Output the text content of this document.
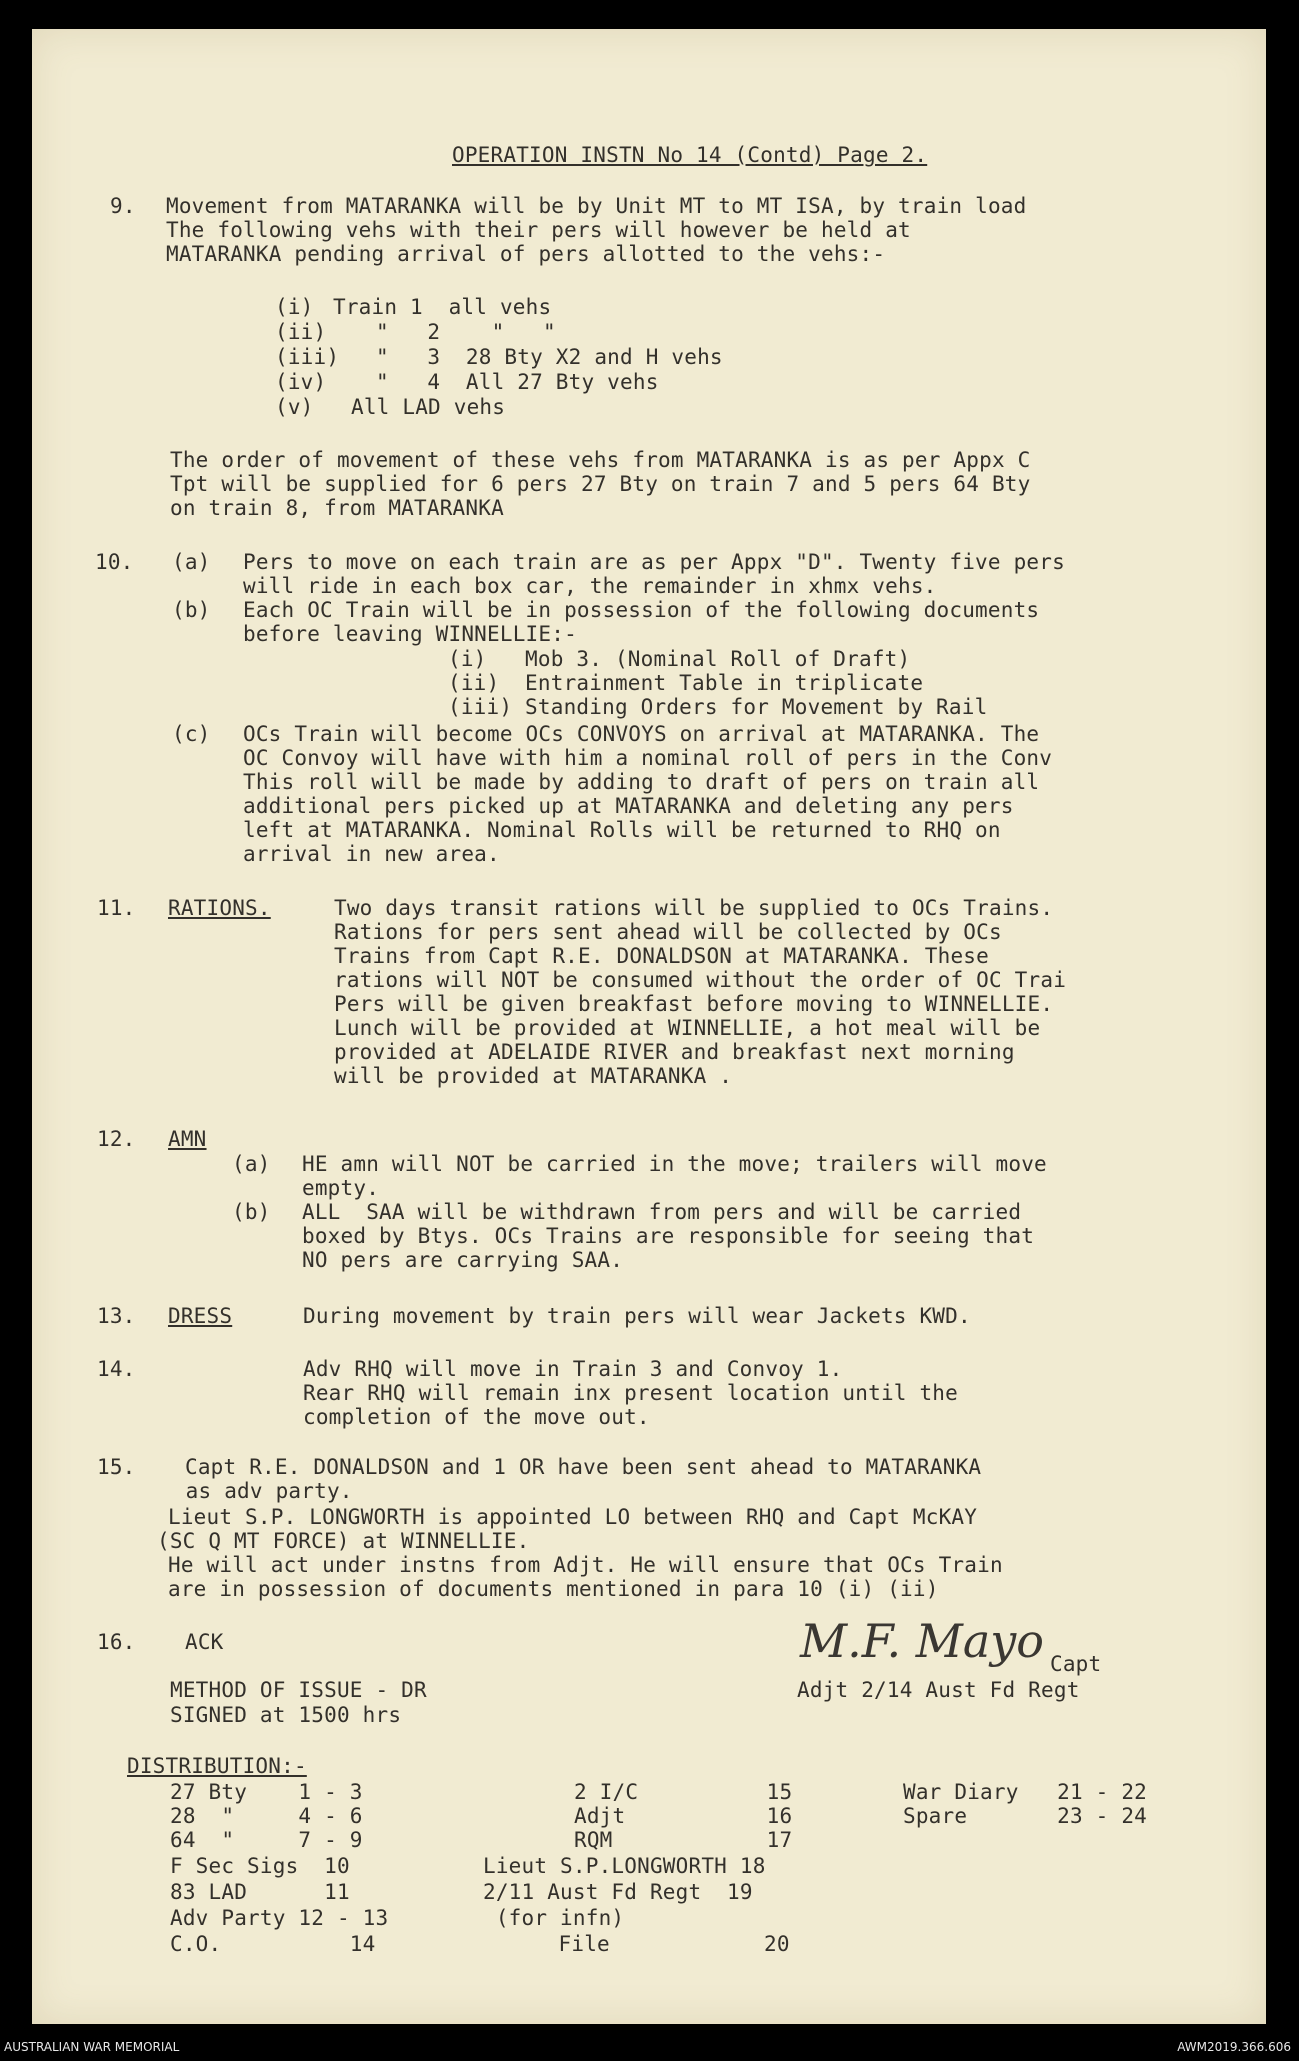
OPERATION INSTN No 14 (Contd) Page 2.
9. Movement from MATARANKA will be by Unit MT to MT ISA, by train load
The following vehs with their pers will however be held at
MATARANKA pending arrival of pers allotted to the vehs:-
(i) Train 1  all vehs
(ii) "   2    "   "
(iii) "   3  28 Bty X2 and H vehs
(iv) "   4  All 27 Bty vehs
(v) All LAD vehs
The order of movement of these vehs from MATARANKA is as per Appx C
Tpt will be supplied for 6 pers 27 Bty on train 7 and 5 pers 64 Bty
on train 8, from MATARANKA
10. (a) Pers to move on each train are as per Appx "D". Twenty five pers
will ride in each box car, the remainder in xhmx vehs.
(b) Each OC Train will be in possession of the following documents
before leaving WINNELLIE:-
(i)   Mob 3. (Nominal Roll of Draft)
(ii)  Entrainment Table in triplicate
(iii) Standing Orders for Movement by Rail
(c) OCs Train will become OCs CONVOYS on arrival at MATARANKA. The
OC Convoy will have with him a nominal roll of pers in the Conv
This roll will be made by adding to draft of pers on train all
additional pers picked up at MATARANKA and deleting any pers
left at MATARANKA. Nominal Rolls will be returned to RHQ on
arrival in new area.
11. RATIONS.	Two days transit rations will be supplied to OCs Trains.
Rations for pers sent ahead will be collected by OCs
Trains from Capt R.E. DONALDSON at MATARANKA. These
rations will NOT be consumed without the order of OC Trai
Pers will be given breakfast before moving to WINNELLIE.
Lunch will be provided at WINNELLIE, a hot meal will be
provided at ADELAIDE RIVER and breakfast next morning
will be provided at MATARANKA .
12. AMN
(a) HE amn will NOT be carried in the move; trailers will move
empty.
(b) ALL  SAA will be withdrawn from pers and will be carried
boxed by Btys. OCs Trains are responsible for seeing that
NO pers are carrying SAA.
13. DRESS	During movement by train pers will wear Jackets KWD.
14.	Adv RHQ will move in Train 3 and Convoy 1.
Rear RHQ will remain inx present location until the
completion of the move out.
15. Capt R.E. DONALDSON and 1 OR have been sent ahead to MATARANKA
as adv party.
Lieut S.P. LONGWORTH is appointed LO between RHQ and Capt McKAY
(SC Q MT FORCE) at WINNELLIE.
He will act under instns from Adjt. He will ensure that OCs Train
are in possession of documents mentioned in para 10 (i) (ii)
16. ACK	M.F. Mayo Capt
Adjt 2/14 Aust Fd Regt
METHOD OF ISSUE - DR
SIGNED at 1500 hrs
DISTRIBUTION:-
27 Bty    1 - 3
28  "     4 - 6
64  "     7 - 9
F Sec Sigs  10
83 LAD      11
Adv Party 12 - 13
C.O.          14
2 I/C          15
Adjt           16
RQM            17
Lieut S.P.LONGWORTH 18
2/11 Aust Fd Regt  19
(for infn)
File            20
War Diary   21 - 22
Spare       23 - 24
AUSTRALIAN WAR MEMORIAL	AWM2019.366.606
